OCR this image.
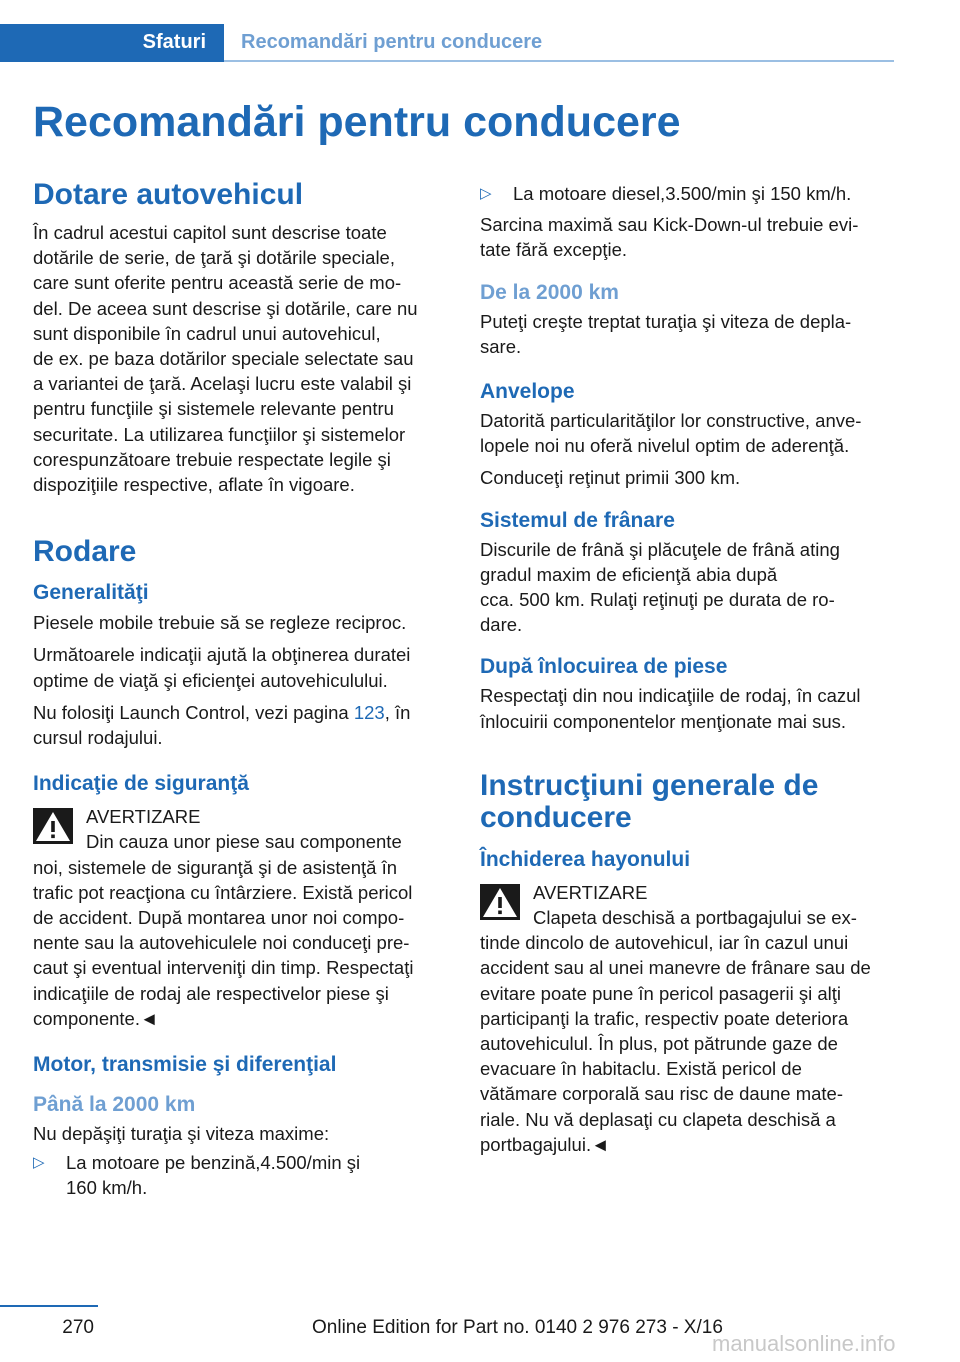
Sfaturi Recomandări pentru conducere
Recomandări pentru conducere
Dotare autovehicul
În cadrul acestui capitol sunt descrise toate
dotările de serie, de ţară şi dotările speciale,
care sunt oferite pentru această serie de mo‐
del. De aceea sunt descrise şi dotările, care nu
sunt disponibile în cadrul unui autovehicul,
de ex. pe baza dotărilor speciale selectate sau
a variantei de ţară. Acelaşi lucru este valabil şi
pentru funcţiile şi sistemele relevante pentru
securitate. La utilizarea funcţiilor şi sistemelor
corespunzătoare trebuie respectate legile şi
dispoziţiile respective, aflate în vigoare.
Rodare
Generalităţi
Piesele mobile trebuie să se regleze reciproc.
Următoarele indicaţii ajută la obţinerea duratei
optime de viaţă şi eficienţei autovehiculului.
Nu folosiţi Launch Control, vezi pagina 123, în
cursul rodajului.
Indicaţie de siguranţă
AVERTIZARE
Din cauza unor piese sau componente
noi, sistemele de siguranţă şi de asistenţă în
trafic pot reacţiona cu întârziere. Există pericol
de accident. După montarea unor noi compo‐
nente sau la autovehiculele noi conduceţi pre‐
caut şi eventual interveniţi din timp. Respectaţi
indicaţiile de rodaj ale respectivelor piese şi
componente.◄
Motor, transmisie şi diferenţial
Până la 2000 km
Nu depăşiţi turaţia şi viteza maxime:
▷ La motoare pe benzină,4.500/min şi
160 km/h.
▷ La motoare diesel,3.500/min şi 150 km/h.
Sarcina maximă sau Kick-Down-ul trebuie evi‐
tate fără excepţie.
De la 2000 km
Puteţi creşte treptat turaţia şi viteza de depla‐
sare.
Anvelope
Datorită particularităţilor lor constructive, anve‐
lopele noi nu oferă nivelul optim de aderenţă.
Conduceţi reţinut primii 300 km.
Sistemul de frânare
Discurile de frână şi plăcuţele de frână ating
gradul maxim de eficienţă abia după
cca. 500 km. Rulaţi reţinuţi pe durata de ro‐
dare.
După înlocuirea de piese
Respectaţi din nou indicaţiile de rodaj, în cazul
înlocuirii componentelor menţionate mai sus.
Instrucţiuni generale de
conducere
Închiderea hayonului
AVERTIZARE
Clapeta deschisă a portbagajului se ex‐
tinde dincolo de autovehicul, iar în cazul unui
accident sau al unei manevre de frânare sau de
evitare poate pune în pericol pasagerii şi alţi
participanţi la trafic, respectiv poate deteriora
autovehiculul. În plus, pot pătrunde gaze de
evacuare în habitaclu. Există pericol de
vătămare corporală sau risc de daune mate‐
riale. Nu vă deplasaţi cu clapeta deschisă a
portbagajului.◄
270	Online Edition for Part no. 0140 2 976 273 - X/16
manualsonline.info
